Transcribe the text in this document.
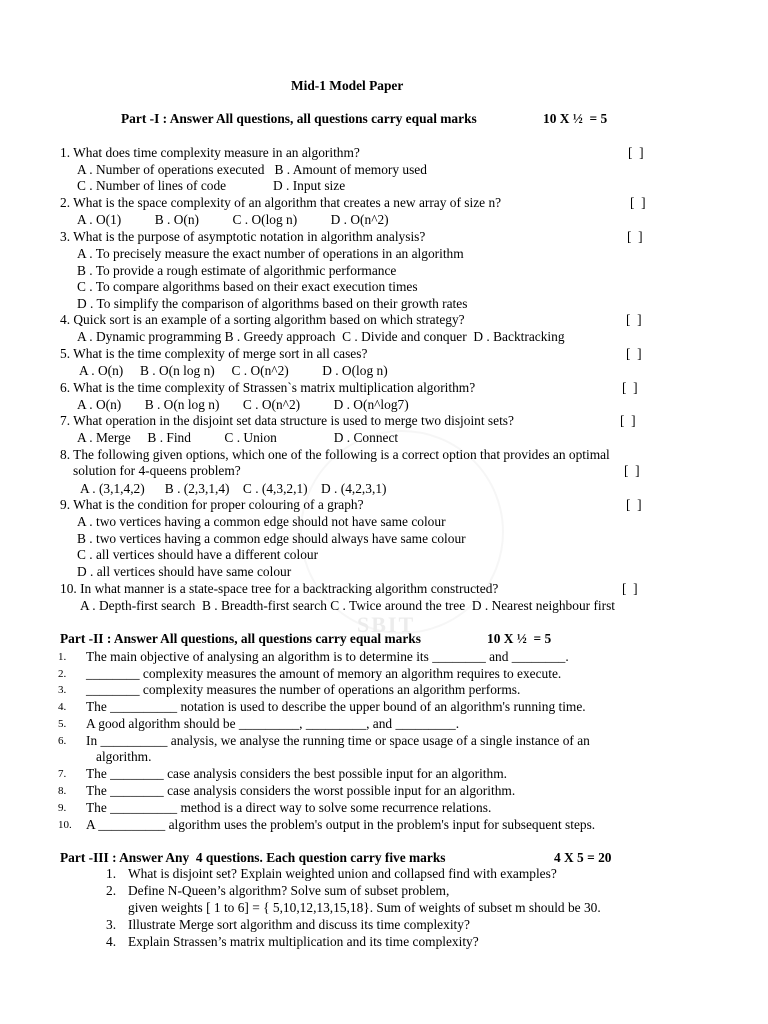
SBIT
Mid-1 Model Paper
Part -I : Answer All questions, all questions carry equal marks	10 X ½  = 5
1. What does time complexity measure in an algorithm?	[  ]
A . Number of operations executed   B . Amount of memory used
C . Number of lines of code              D . Input size
2. What is the space complexity of an algorithm that creates a new array of size n?	[  ]
A . O(1)          B . O(n)          C . O(log n)          D . O(n^2)
3. What is the purpose of asymptotic notation in algorithm analysis?	[  ]
A . To precisely measure the exact number of operations in an algorithm
B . To provide a rough estimate of algorithmic performance
C . To compare algorithms based on their exact execution times
D . To simplify the comparison of algorithms based on their growth rates
4. Quick sort is an example of a sorting algorithm based on which strategy?	[  ]
A . Dynamic programming B . Greedy approach  C . Divide and conquer  D . Backtracking
5. What is the time complexity of merge sort in all cases?	[  ]
A . O(n)     B . O(n log n)     C . O(n^2)          D . O(log n)
6. What is the time complexity of Strassen`s matrix multiplication algorithm?	[  ]
A . O(n)       B . O(n log n)       C . O(n^2)          D . O(n^log7)
7. What operation in the disjoint set data structure is used to merge two disjoint sets?	[  ]
A . Merge     B . Find          C . Union                 D . Connect
8. The following given options, which one of the following is a correct option that provides an optimal
solution for 4-queens problem?	[  ]
A . (3,1,4,2)      B . (2,3,1,4)    C . (4,3,2,1)    D . (4,2,3,1)
9. What is the condition for proper colouring of a graph?	[  ]
A . two vertices having a common edge should not have same colour
B . two vertices having a common edge should always have same colour
C . all vertices should have a different colour
D . all vertices should have same colour
10. In what manner is a state-space tree for a backtracking algorithm constructed?	[  ]
A . Depth-first search  B . Breadth-first search C . Twice around the tree  D . Nearest neighbour first
Part -II : Answer All questions, all questions carry equal marks	10 X ½  = 5
1. The main objective of analysing an algorithm is to determine its ________ and ________.
2. ________ complexity measures the amount of memory an algorithm requires to execute.
3. ________ complexity measures the number of operations an algorithm performs.
4. The __________ notation is used to describe the upper bound of an algorithm's running time.
5. A good algorithm should be _________, _________, and _________.
6. In __________ analysis, we analyse the running time or space usage of a single instance of an
algorithm.
7. The ________ case analysis considers the best possible input for an algorithm.
8. The ________ case analysis considers the worst possible input for an algorithm.
9. The __________ method is a direct way to solve some recurrence relations.
10. A __________ algorithm uses the problem's output in the problem's input for subsequent steps.
Part -III : Answer Any  4 questions. Each question carry five marks	4 X 5 = 20
1. What is disjoint set? Explain weighted union and collapsed find with examples?
2. Define N-Queen’s algorithm? Solve sum of subset problem,
given weights [ 1 to 6] = { 5,10,12,13,15,18}. Sum of weights of subset m should be 30.
3. Illustrate Merge sort algorithm and discuss its time complexity?
4. Explain Strassen’s matrix multiplication and its time complexity?
